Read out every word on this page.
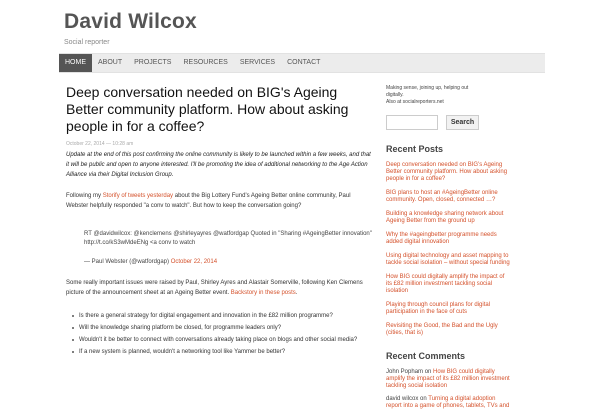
David Wilcox
Social reporter
HOME	ABOUT	PROJECTS	RESOURCES	SERVICES	CONTACT
Deep conversation needed on BIG's Ageing Better community platform. How about asking people in for a coffee?
October 22, 2014 — 10:28 am

Update at the end of this post confirming the online community is likely to be launched within a few weeks, and that it will be public and open to anyone interested. I'll be promoting the idea of additional networking to the Age Action Alliance via their Digital Inclusion Group.

Following my Storify of tweets yesterday about the Big Lottery Fund's Ageing Better online community, Paul Webster helpfully responded "a conv to watch". But how to keep the conversation going?

RT @davidwilcox: @kenclemens @shirleyayres @watfordgap Quoted in "Sharing #AgeingBetter innovation" http://t.co/kS3wMdeENg <a conv to watch
— Paul Webster (@watfordgap) October 22, 2014

Some really important issues were raised by Paul, Shirley Ayres and Alastair Somerville, following Ken Clemens picture of the announcement sheet at an Ageing Better event. Backstory in these posts.

Is there a general strategy for digital engagement and innovation in the £82 million programme?
Will the knowledge sharing platform be closed, for programme leaders only?
Wouldn't it be better to connect with conversations already taking place on blogs and other social media?
If a new system is planned, wouldn't a networking tool like Yammer be better?
Making sense, joining up, helping out
digitally.
Also at socialreporters.net
Search
Recent Posts
Deep conversation needed on BIG's Ageing Better community platform. How about asking people in for a coffee?
BIG plans to host an #AgeingBetter online community. Open, closed, connected …?
Building a knowledge sharing network about Ageing Better from the ground up
Why the #ageingbetter programme needs added digital innovation
Using digital technology and asset mapping to tackle social isolation – without special funding
How BIG could digitally amplify the impact of its £82 million investment tackling social isolation
Playing through council plans for digital participation in the face of cuts
Revisiting the Good, the Bad and the Ugly (cities, that is)
Recent Comments
John Popham on How BIG could digitally amplify the impact of its £82 million investment tackling social isolation
david wilcox on Turning a digital adoption report into a game of phones, tablets, TVs and
